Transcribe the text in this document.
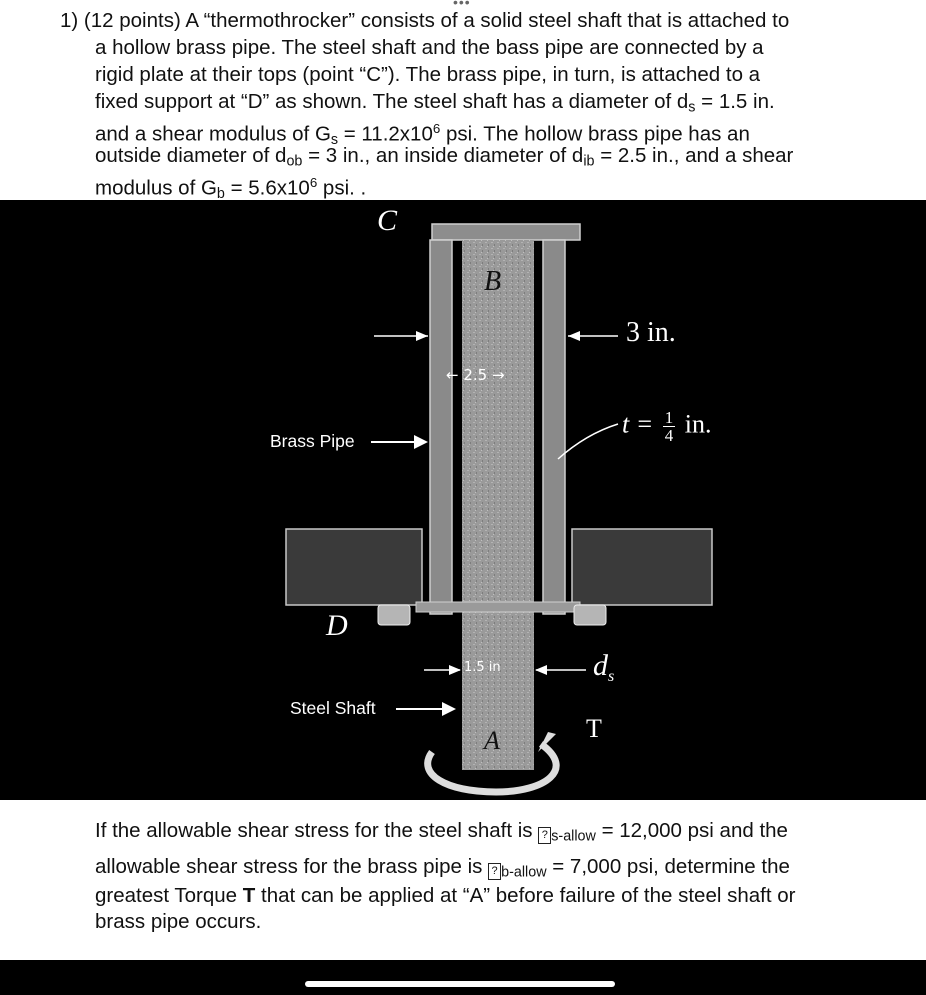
•••
1) (12 points) A “thermothrocker” consists of a solid steel shaft that is attached to
a hollow brass pipe. The steel shaft and the bass pipe are connected by a
rigid plate at their tops (point “C”). The brass pipe, in turn, is attached to a
fixed support at “D” as shown. The steel shaft has a diameter of $d_s = 1.5$ in.
and a shear modulus of $G_s = 11.2x10^6$ psi. The hollow brass pipe has an
outside diameter of $d_{ob} = 3$ in., an inside diameter of $d_{ib} = 2.5$ in., and a shear
modulus of $G_b = 5.6x10^6$ psi. .
C
B
3 in.
← 2.5 →
$t = \frac{1}{4}$ in.
Brass Pipe
D
1.5 in	$d_s$
Steel Shaft
A	T
If the allowable shear stress for the steel shaft is ? $_{s-allow}$ = 12,000 psi and the
allowable shear stress for the brass pipe is ? $_{b-allow}$ = 7,000 psi, determine the
greatest Torque T that can be applied at “A” before failure of the steel shaft or
brass pipe occurs.
